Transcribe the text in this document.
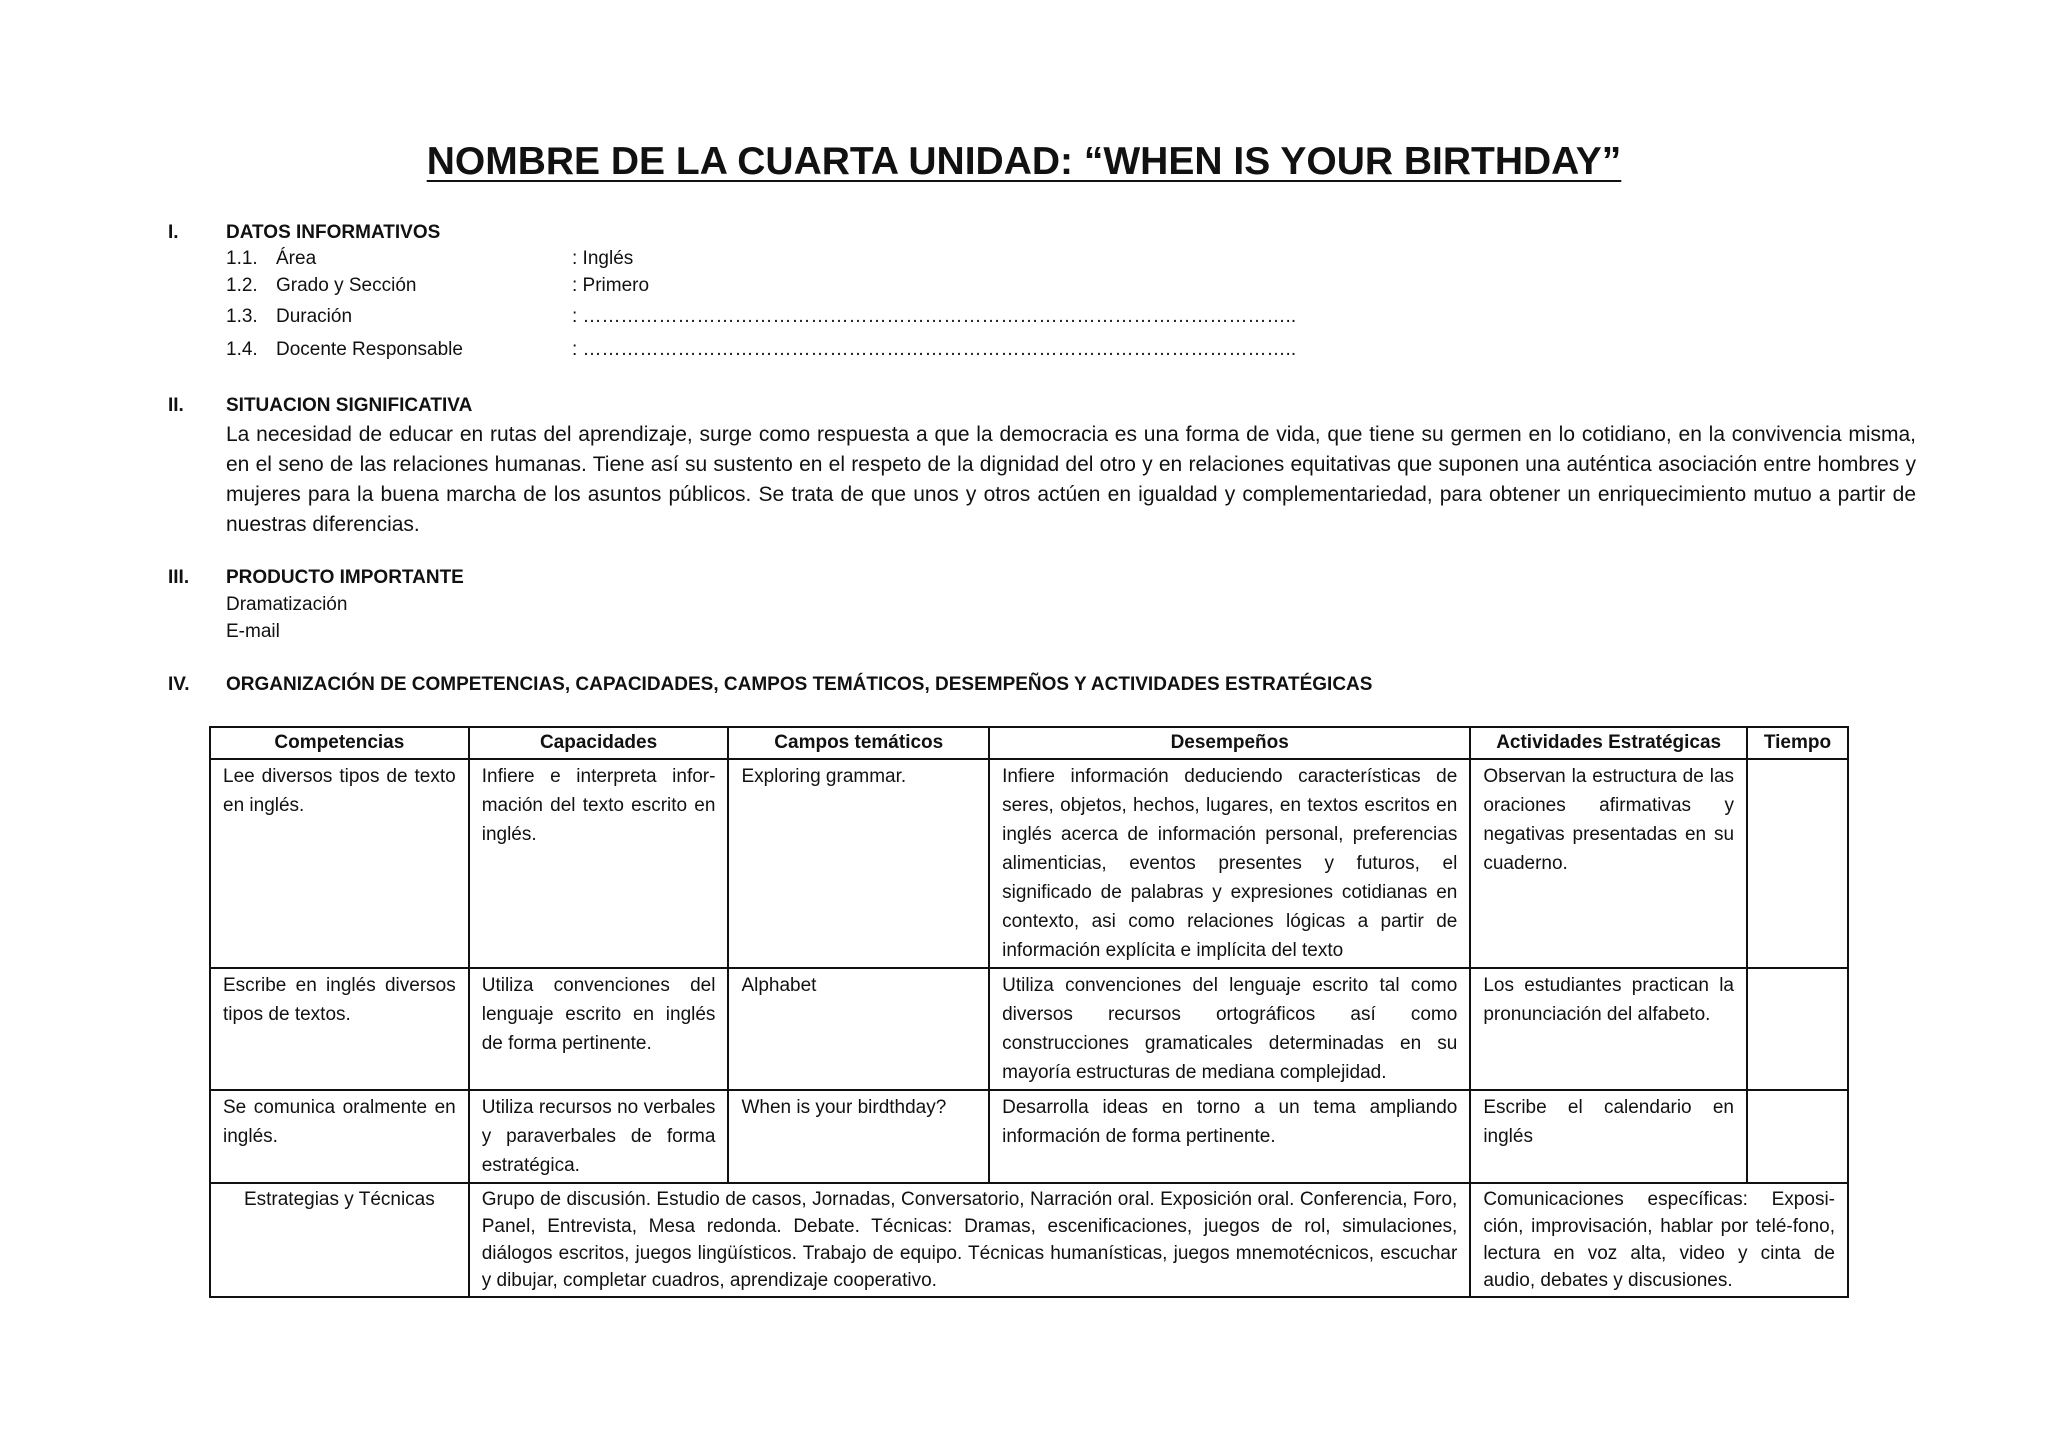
NOMBRE DE LA CUARTA UNIDAD: “WHEN IS YOUR BIRTHDAY”
I. DATOS INFORMATIVOS
1.1. Área	: Inglés
1.2. Grado y Sección	: Primero
1.3. Duración	: …………………………………………………………………………………………………..
1.4. Docente Responsable	: …………………………………………………………………………………………………..
II. SITUACION SIGNIFICATIVA
La necesidad de educar en rutas del aprendizaje, surge como respuesta a que la democracia es una forma de vida, que tiene su germen en lo cotidiano, en la convivencia misma, en el seno de las relaciones humanas. Tiene así su sustento en el respeto de la dignidad del otro y en relaciones equitativas que suponen una auténtica asociación entre hombres y mujeres para la buena marcha de los asuntos públicos. Se trata de que unos y otros actúen en igualdad y complementariedad, para obtener un enriquecimiento mutuo a partir de nuestras diferencias.
III. PRODUCTO IMPORTANTE
Dramatización
E-mail
IV. ORGANIZACIÓN DE COMPETENCIAS, CAPACIDADES, CAMPOS TEMÁTICOS, DESEMPEÑOS Y ACTIVIDADES ESTRATÉGICAS
Competencias	Capacidades	Campos temáticos	Desempeños	Actividades Estratégicas	Tiempo
Lee diversos tipos de texto en inglés.	Infiere e interpreta infor-mación del texto escrito en inglés.	Exploring grammar.	Infiere información deduciendo características de seres, objetos, hechos, lugares, en textos escritos en inglés acerca de información personal, preferencias alimenticias, eventos presentes y futuros, el significado de palabras y expresiones cotidianas en contexto, asi como relaciones lógicas a partir de información explícita e implícita del texto	Observan la estructura de las oraciones afirmativas y negativas presentadas en su cuaderno.	
Escribe en inglés diversos tipos de textos.	Utiliza convenciones del lenguaje escrito en inglés de forma pertinente.	Alphabet	Utiliza convenciones del lenguaje escrito tal como diversos recursos ortográficos así como construcciones gramaticales determinadas en su mayoría estructuras de mediana complejidad.	Los estudiantes practican la pronunciación del alfabeto.	
Se comunica oralmente en inglés.	Utiliza recursos no verbales y paraverbales de forma estratégica.	When is your birdthday?	Desarrolla ideas en torno a un tema ampliando información de forma pertinente.	Escribe el calendario en inglés	
Estrategias y Técnicas	Grupo de discusión. Estudio de casos, Jornadas, Conversatorio, Narración oral. Exposición oral. Conferencia, Foro, Panel, Entrevista, Mesa redonda. Debate. Técnicas: Dramas, escenificaciones, juegos de rol, simulaciones, diálogos escritos, juegos lingüísticos. Trabajo de equipo. Técnicas humanísticas, juegos mnemotécnicos, escuchar y dibujar, completar cuadros, aprendizaje cooperativo.			Comunicaciones específicas: Exposi-ción, improvisación, hablar por telé-fono, lectura en voz alta, video y cinta de audio, debates y discusiones.	
